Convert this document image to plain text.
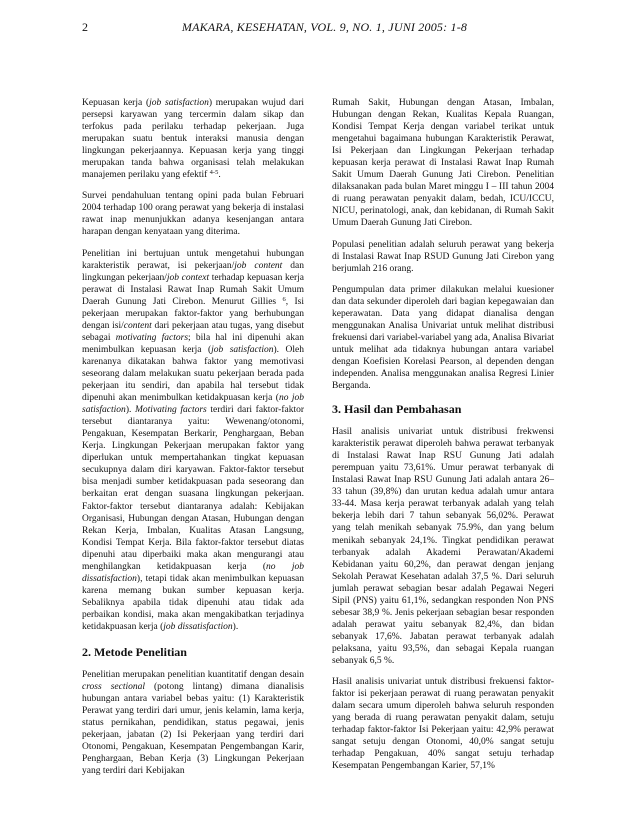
2	MAKARA, KESEHATAN, VOL. 9, NO. 1, JUNI 2005: 1-8

Kepuasan kerja (job satisfaction) merupakan wujud dari persepsi karyawan yang tercermin dalam sikap dan terfokus pada perilaku terhadap pekerjaan. Juga merupakan suatu bentuk interaksi manusia dengan lingkungan pekerjaannya. Kepuasan kerja yang tinggi merupakan tanda bahwa organisasi telah melakukan manajemen perilaku yang efektif $^{4-5}$.

Survei pendahuluan tentang opini pada bulan Februari 2004 terhadap 100 orang perawat yang bekerja di instalasi rawat inap menunjukkan adanya kesenjangan antara harapan dengan kenyataan yang diterima.

Penelitian ini bertujuan untuk mengetahui hubungan karakteristik perawat, isi pekerjaan/job content dan lingkungan pekerjaan/job context terhadap kepuasan kerja perawat di Instalasi Rawat Inap Rumah Sakit Umum Daerah Gunung Jati Cirebon. Menurut Gillies $^6$, Isi pekerjaan merupakan faktor-faktor yang berhubungan dengan isi/content dari pekerjaan atau tugas, yang disebut sebagai motivating factors; bila hal ini dipenuhi akan menimbulkan kepuasan kerja (job satisfaction). Oleh karenanya dikatakan bahwa faktor yang memotivasi seseorang dalam melakukan suatu pekerjaan berada pada pekerjaan itu sendiri, dan apabila hal tersebut tidak dipenuhi akan menimbulkan ketidakpuasan kerja (no job satisfaction). Motivating factors terdiri dari faktor-faktor tersebut diantaranya yaitu: Wewenang/otonomi, Pengakuan, Kesempatan Berkarir, Penghargaan, Beban Kerja. Lingkungan Pekerjaan merupakan faktor yang diperlukan untuk mempertahankan tingkat kepuasan secukupnya dalam diri karyawan. Faktor-faktor tersebut bisa menjadi sumber ketidakpuasan pada seseorang dan berkaitan erat dengan suasana lingkungan pekerjaan. Faktor-faktor tersebut diantaranya adalah: Kebijakan Organisasi, Hubungan dengan Atasan, Hubungan dengan Rekan Kerja, Imbalan, Kualitas Atasan Langsung, Kondisi Tempat Kerja. Bila faktor-faktor tersebut diatas dipenuhi atau diperbaiki maka akan mengurangi atau menghilangkan ketidakpuasan kerja (no job dissatisfaction), tetapi tidak akan menimbulkan kepuasan karena memang bukan sumber kepuasan kerja. Sebaliknya apabila tidak dipenuhi atau tidak ada perbaikan kondisi, maka akan mengakibatkan terjadinya ketidakpuasan kerja (job dissatisfaction).

2. Metode Penelitian

Penelitian merupakan penelitian kuantitatif dengan desain cross sectional (potong lintang) dimana dianalisis hubungan antara variabel bebas yaitu: (1) Karakteristik Perawat yang terdiri dari umur, jenis kelamin, lama kerja, status pernikahan, pendidikan, status pegawai, jenis pekerjaan, jabatan (2) Isi Pekerjaan yang terdiri dari Otonomi, Pengakuan, Kesempatan Pengembangan Karir, Penghargaan, Beban Kerja (3) Lingkungan Pekerjaan yang terdiri dari Kebijakan

Rumah Sakit, Hubungan dengan Atasan, Imbalan, Hubungan dengan Rekan, Kualitas Kepala Ruangan, Kondisi Tempat Kerja dengan variabel terikat untuk mengetahui bagaimana hubungan Karakteristik Perawat, Isi Pekerjaan dan Lingkungan Pekerjaan terhadap kepuasan kerja perawat di Instalasi Rawat Inap Rumah Sakit Umum Daerah Gunung Jati Cirebon. Penelitian dilaksanakan pada bulan Maret minggu I – III tahun 2004 di ruang perawatan penyakit dalam, bedah, ICU/ICCU, NICU, perinatologi, anak, dan kebidanan, di Rumah Sakit Umum Daerah Gunung Jati Cirebon.

Populasi penelitian adalah seluruh perawat yang bekerja di Instalasi Rawat Inap RSUD Gunung Jati Cirebon yang berjumlah 216 orang.

Pengumpulan data primer dilakukan melalui kuesioner dan data sekunder diperoleh dari bagian kepegawaian dan keperawatan. Data yang didapat dianalisa dengan menggunakan Analisa Univariat untuk melihat distribusi frekuensi dari variabel-variabel yang ada, Analisa Bivariat untuk melihat ada tidaknya hubungan antara variabel dengan Koefisien Korelasi Pearson, al dependen dengan independen. Analisa menggunakan analisa Regresi Linier Berganda.

3. Hasil dan Pembahasan

Hasil analisis univariat untuk distribusi frekwensi karakteristik perawat diperoleh bahwa perawat terbanyak di Instalasi Rawat Inap RSU Gunung Jati adalah perempuan yaitu 73,61%. Umur perawat terbanyak di Instalasi Rawat Inap RSU Gunung Jati adalah antara 26–33 tahun (39,8%) dan urutan kedua adalah umur antara 33-44. Masa kerja perawat terbanyak adalah yang telah bekerja lebih dari 7 tahun sebanyak 56,02%. Perawat yang telah menikah sebanyak 75.9%, dan yang belum menikah sebanyak 24,1%. Tingkat pendidikan perawat terbanyak adalah Akademi Perawatan/Akademi Kebidanan yaitu 60,2%, dan perawat dengan jenjang Sekolah Perawat Kesehatan adalah 37,5 %. Dari seluruh jumlah perawat sebagian besar adalah Pegawai Negeri Sipil (PNS) yaitu 61,1%, sedangkan responden Non PNS sebesar 38,9 %. Jenis pekerjaan sebagian besar responden adalah perawat yaitu sebanyak 82,4%, dan bidan sebanyak 17,6%. Jabatan perawat terbanyak adalah pelaksana, yaitu 93,5%, dan sebagai Kepala ruangan sebanyak 6,5 %.

Hasil analisis univariat untuk distribusi frekuensi faktor-faktor isi pekerjaan perawat di ruang perawatan penyakit dalam secara umum diperoleh bahwa seluruh responden yang berada di ruang perawatan penyakit dalam, setuju terhadap faktor-faktor Isi Pekerjaan yaitu: 42,9% perawat sangat setuju dengan Otonomi, 40,0% sangat setuju terhadap Pengakuan, 40% sangat setuju terhadap Kesempatan Pengembangan Karier, 57,1%
